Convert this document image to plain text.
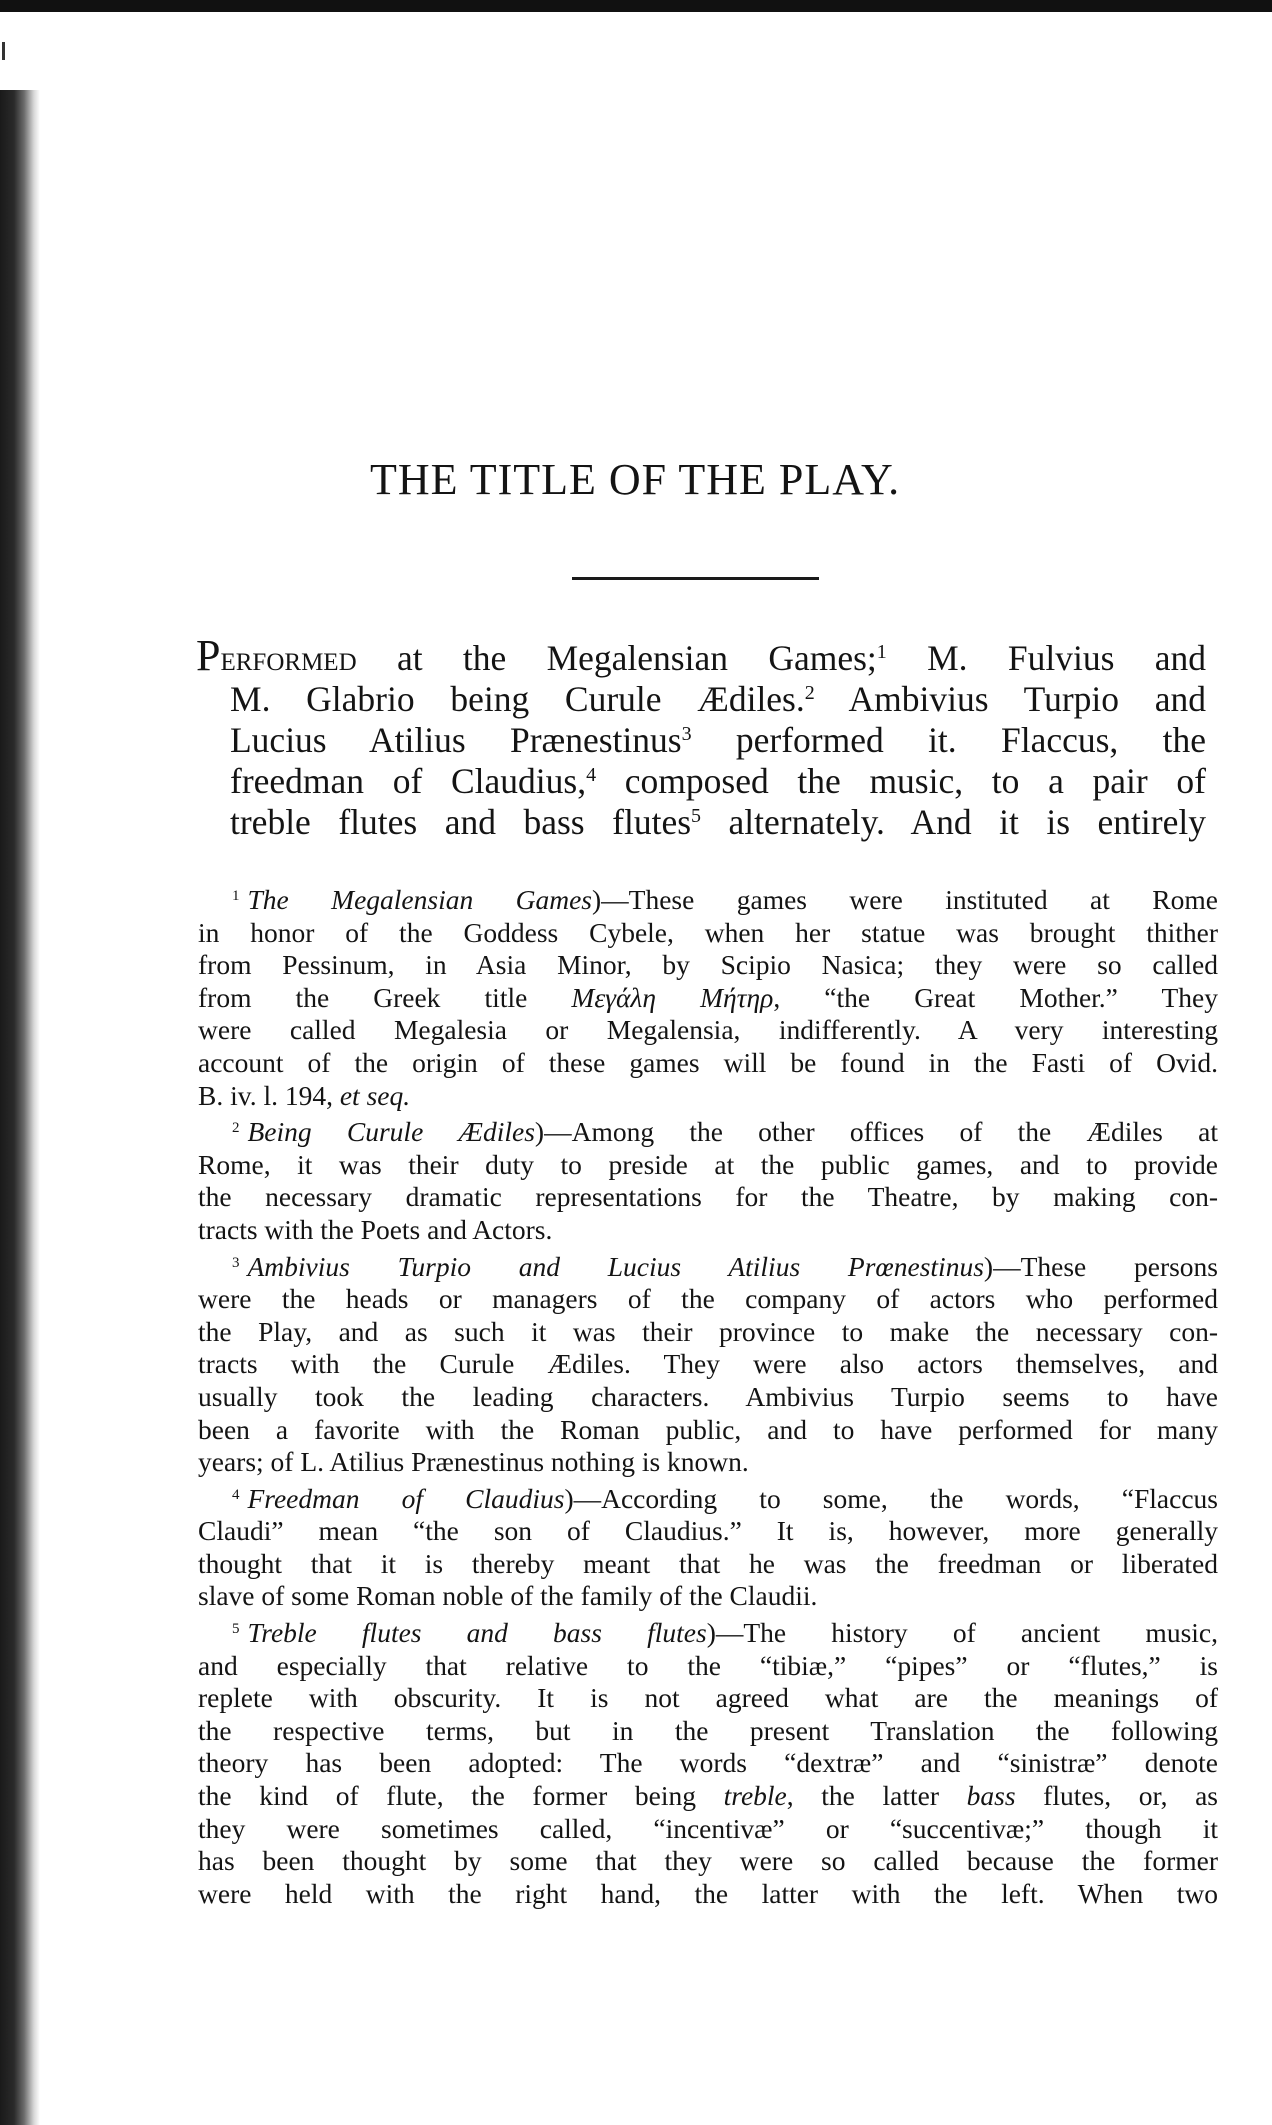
THE TITLE OF THE PLAY.
Performed at the Megalensian Games;$^1$ M. Fulvius and
M. Glabrio being Curule Ædiles.$^2$ Ambivius Turpio and
Lucius Atilius Prænestinus$^3$ performed it. Flaccus, the
freedman of Claudius,$^4$ composed the music, to a pair of
treble flutes and bass flutes$^5$ alternately. And it is entirely
$^1$ The Megalensian Games)—These games were instituted at Rome
in honor of the Goddess Cybele, when her statue was brought thither
from Pessinum, in Asia Minor, by Scipio Nasica; they were so called
from the Greek title Μεγάλη Μήτηρ, “the Great Mother.” They
were called Megalesia or Megalensia, indifferently. A very interesting
account of the origin of these games will be found in the Fasti of Ovid.
B. iv. l. 194, et seq.
$^2$ Being Curule Ædiles)—Among the other offices of the Ædiles at
Rome, it was their duty to preside at the public games, and to provide
the necessary dramatic representations for the Theatre, by making con-
tracts with the Poets and Actors.
$^3$ Ambivius Turpio and Lucius Atilius Prœnestinus)—These persons
were the heads or managers of the company of actors who performed
the Play, and as such it was their province to make the necessary con-
tracts with the Curule Ædiles. They were also actors themselves, and
usually took the leading characters. Ambivius Turpio seems to have
been a favorite with the Roman public, and to have performed for many
years; of L. Atilius Prænestinus nothing is known.
$^4$ Freedman of Claudius)—According to some, the words, “Flaccus
Claudi” mean “the son of Claudius.” It is, however, more generally
thought that it is thereby meant that he was the freedman or liberated
slave of some Roman noble of the family of the Claudii.
$^5$ Treble flutes and bass flutes)—The history of ancient music,
and especially that relative to the “tibiæ,” “pipes” or “flutes,” is
replete with obscurity. It is not agreed what are the meanings of
the respective terms, but in the present Translation the following
theory has been adopted: The words “dextræ” and “sinistræ” denote
the kind of flute, the former being treble, the latter bass flutes, or, as
they were sometimes called, “incentivæ” or “succentivæ;” though it
has been thought by some that they were so called because the former
were held with the right hand, the latter with the left. When two
